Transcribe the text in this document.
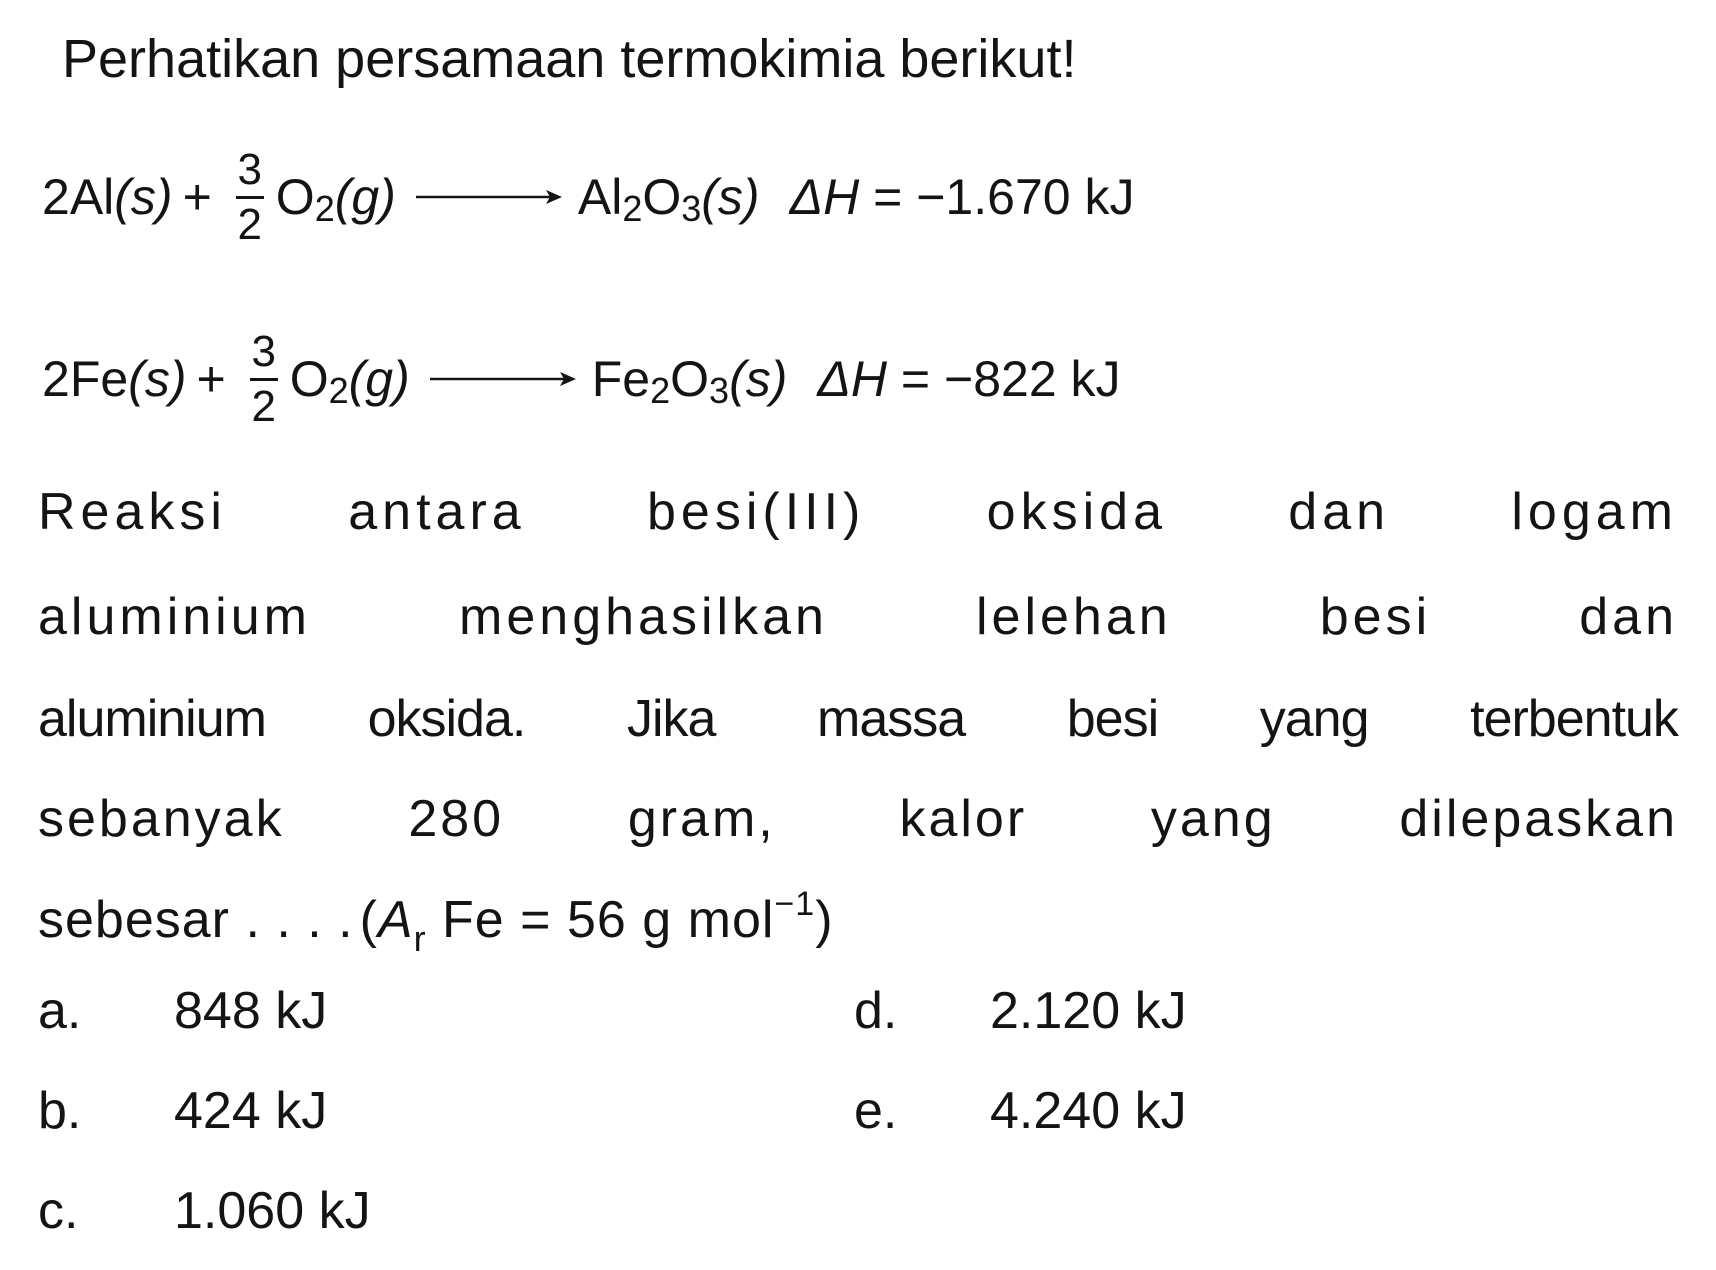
Perhatikan persamaan termokimia berikut!
2 Al $(s) + \frac{3}{2} O_2$ $(g) \to Al_2$ $O_3$ (s) ΔH = −1.670 kJ
2 Fe $(s) + \frac{3}{2} O_2$ $(g) \to Fe_2$ $O_3$ (s) ΔH = −822 kJ
Reaksi antara besi(III) oksida dan logam
aluminium	menghasilkan	lelehan	besi	dan
aluminium oksida. Jika massa besi yang terbentuk
sebanyak 280 gram, kalor yang dilepaskan
sebesar . . . . ($A_r$ Fe = 56 g mol$^{-1}$)
a. 848 kJ
b. 424 kJ
c. 1.060 kJ
d. 2.120 kJ
e. 4.240 kJ
